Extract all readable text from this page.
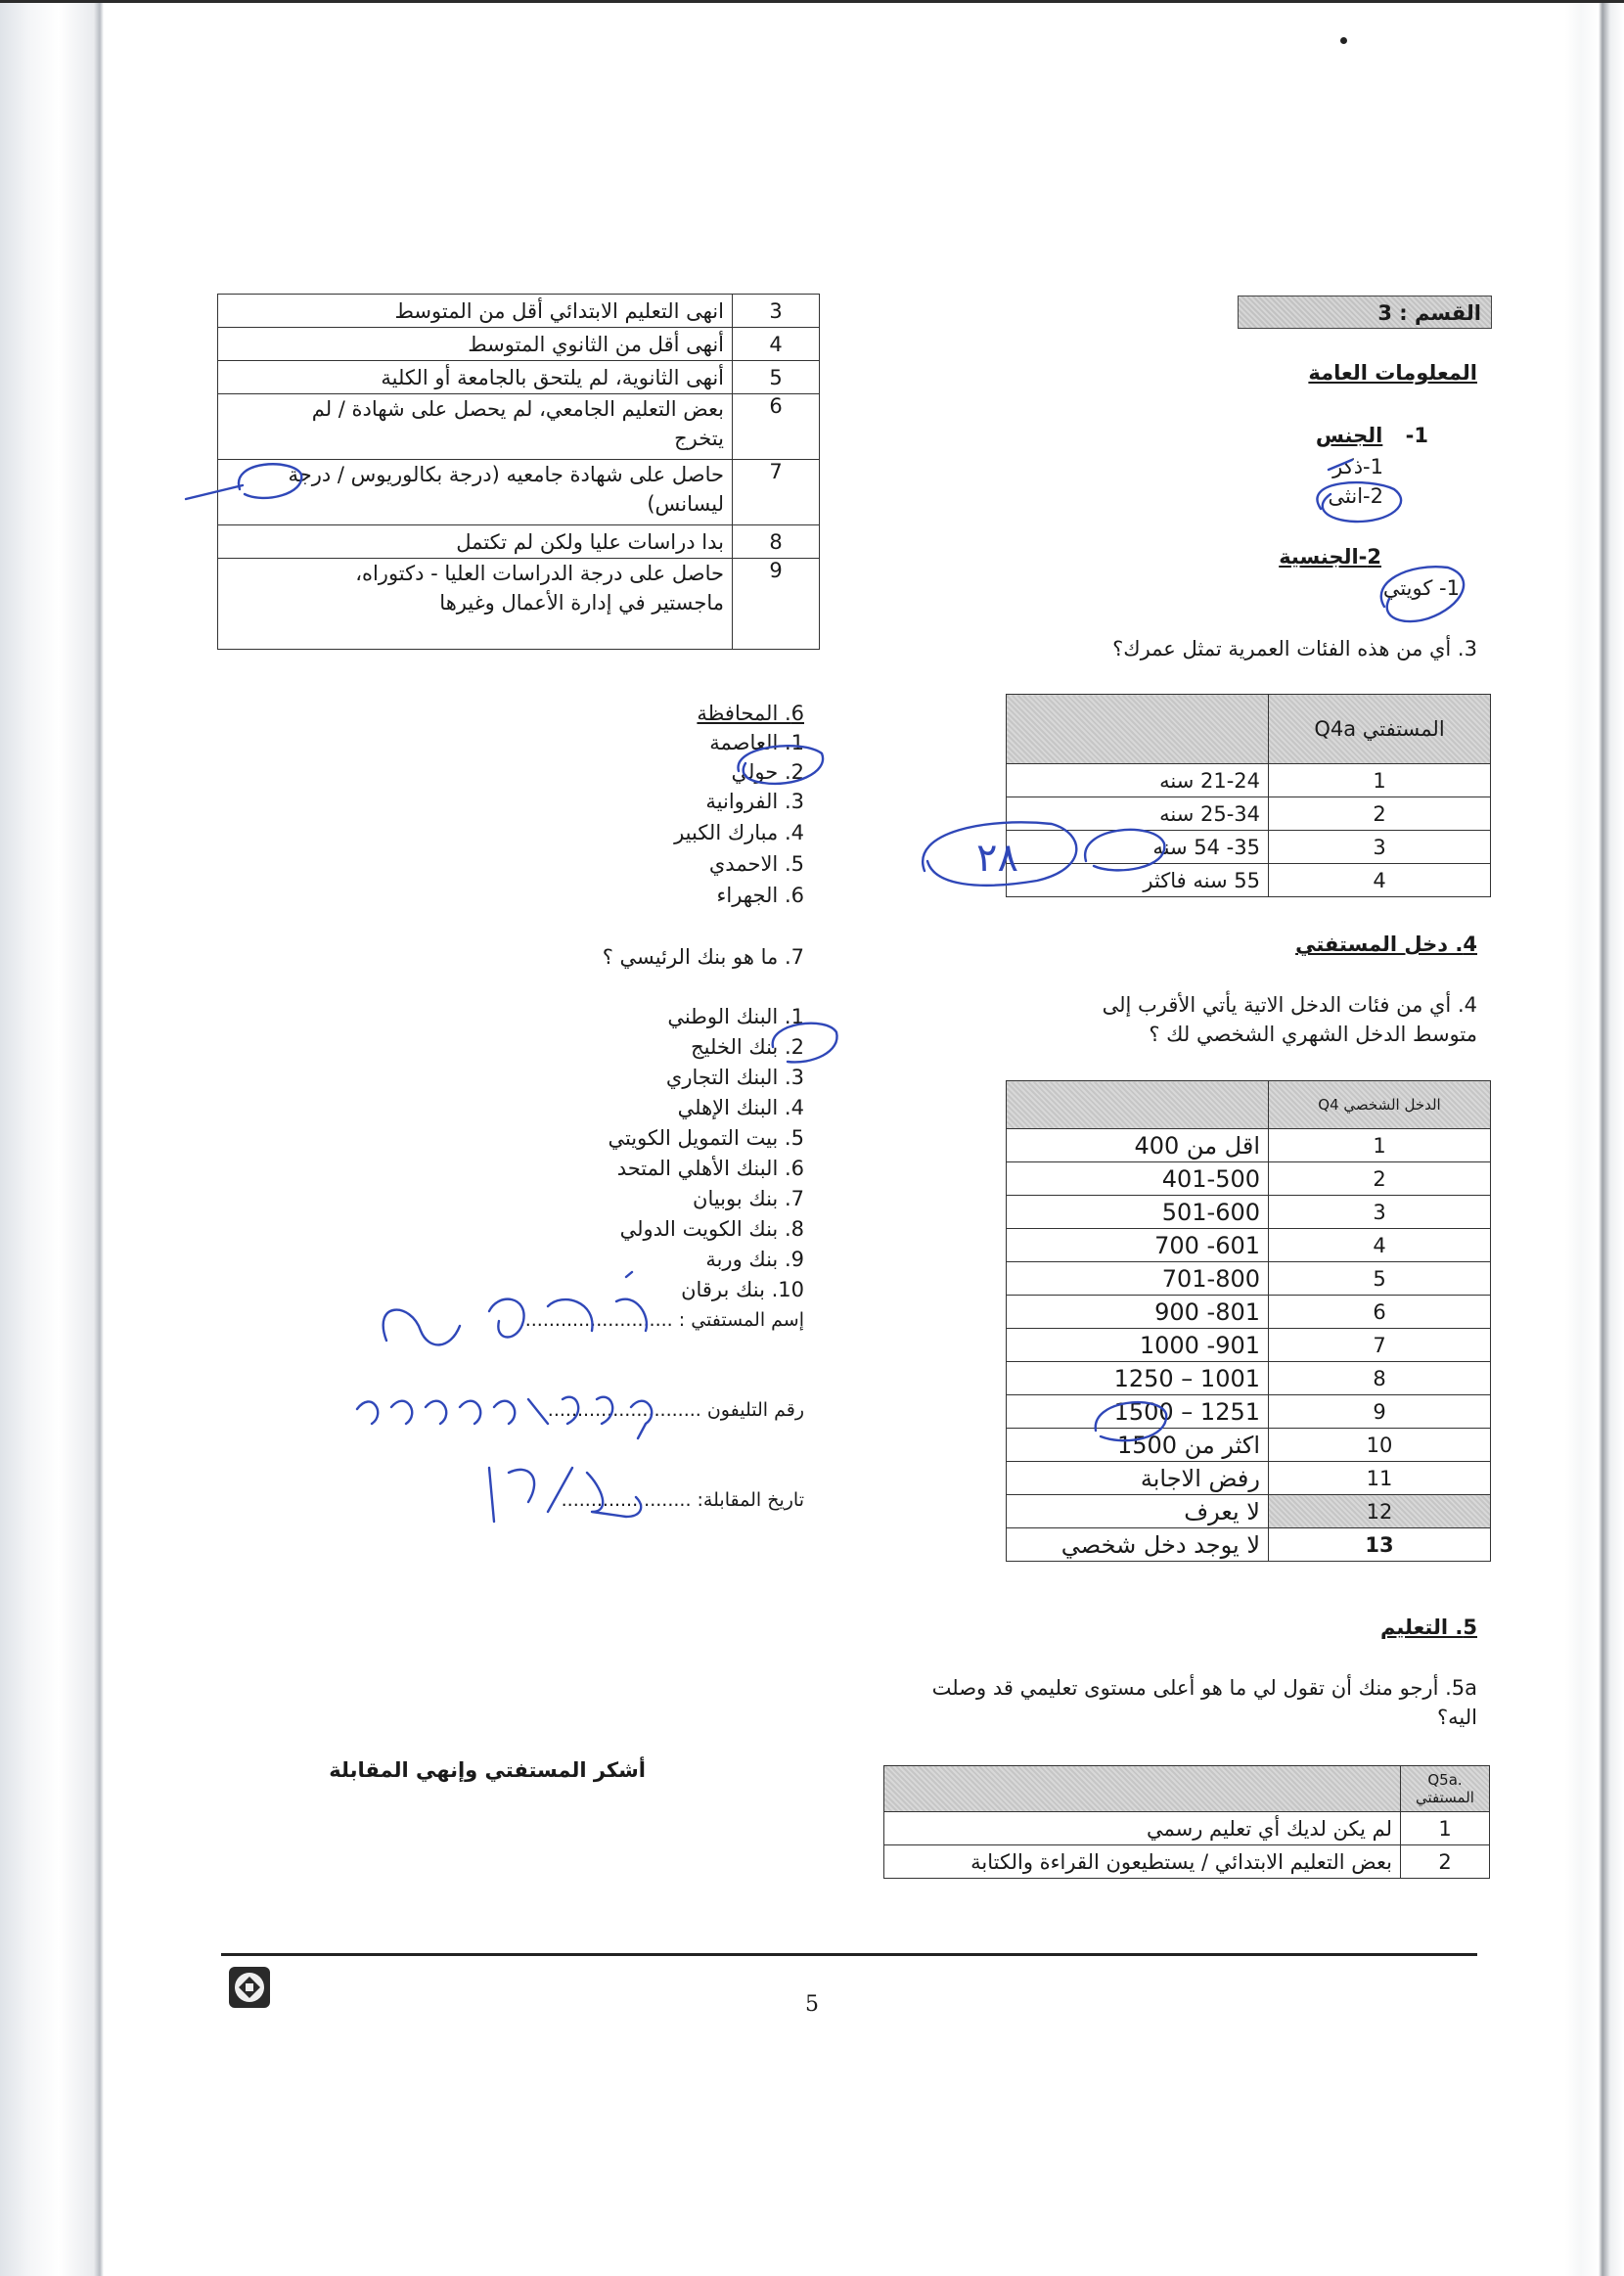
القسم : 3
المعلومات العامة
1- الجنس
1-ذكر
2-انثى
2-الجنسية
1- كويتي
3. أي من هذه الفئات العمرية تمثل عمرك؟
	Q4a المستفتي
21-24 سنه	1
25-34 سنه	2
35- 54 سنه	3
55 سنه فاكثر	4
4. دخل المستفتي
4. أي من فئات الدخل الاتية يأتي الأقرب إلى متوسط الدخل الشهري الشخصي لك ؟
	Q4 الدخل الشخصي
اقل من 400	1
401-500	2
501-600	3
601- 700	4
701-800	5
801- 900	6
901- 1000	7
1001 – 1250	8
1251 – 1500	9
اكثر من 1500	10
رفض الاجابة	11
لا يعرف	12
لا يوجد دخل شخصي	13
5. التعليم
5a. أرجو منك أن تقول لي ما هو أعلى مستوى تعليمي قد وصلت اليه؟
	Q5a. المستفتي
لم يكن لديك أي تعليم رسمي	1
بعض التعليم الابتدائي / يستطيعون القراءة والكتابة	2
انهى التعليم الابتدائي أقل من المتوسط	3
أنهى أقل من الثانوي المتوسط	4
أنهى الثانوية، لم يلتحق بالجامعة أو الكلية	5
بعض التعليم الجامعي، لم يحصل على شهادة / لم يتخرج	6
حاصل على شهادة جامعيه (درجة بكالوريوس / درجة ليسانس)	7
بدا دراسات عليا ولكن لم تكتمل	8
حاصل على درجة الدراسات العليا - دكتوراه، ماجستير في إدارة الأعمال وغيرها	9
6. المحافظة
1. العاصمة
2. حولي
3. الفروانية
4. مبارك الكبير
5. الاحمدي
6. الجهراء
7. ما هو بنك الرئيسي ؟
1. البنك الوطني
2. بنك الخليج
3. البنك التجاري
4. البنك الإهلي
5. بيت التمويل الكويتي
6. البنك الأهلي المتحد
7. بنك بوبيان
8. بنك الكويت الدولي
9. بنك وربة
10. بنك برقان
إسم المستفتي : ..........................
رقم التليفون ..........................
تاريخ المقابلة: ......................
أشكر المستفتي وإنهي المقابلة
5
٢٨
